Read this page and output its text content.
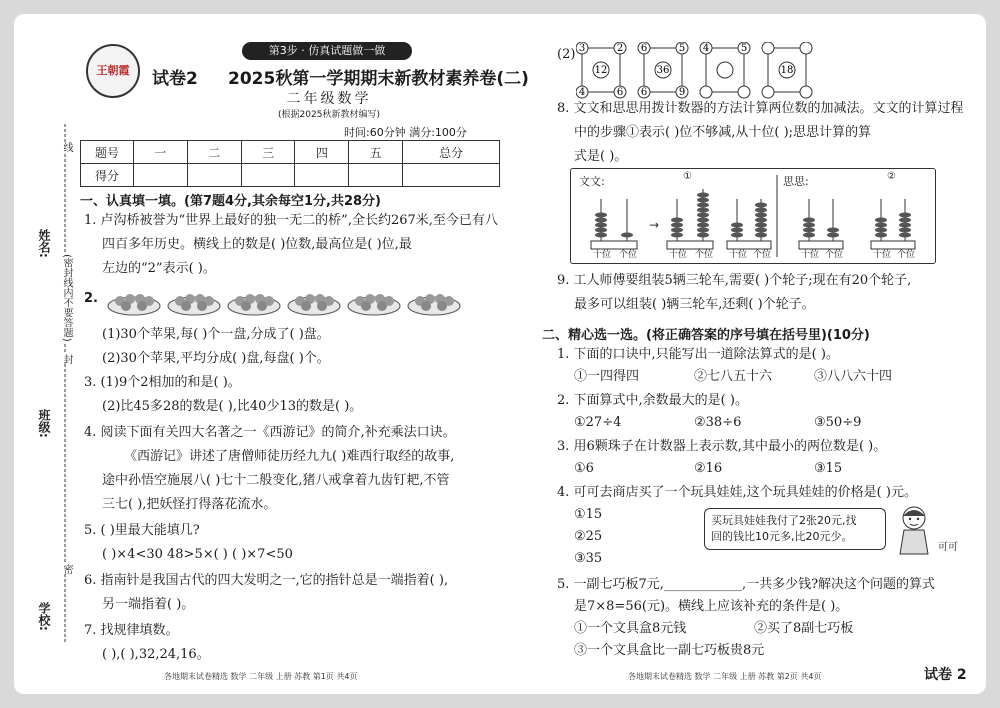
姓名:
班级:
学校:
(密封线内不要答题)
线
封
密
王朝霞
第3步 · 仿真试题做一做
试卷2 2025秋第一学期期末新教材素养卷(二)
二年级数学
(根据2025秋新教材编写)
时间:60分钟 满分:100分
题号	一	二	三	四	五	总分
得分						
一、认真填一填。(第7题4分,其余每空1分,共28分)
1. 卢沟桥被誉为“世界上最好的独一无二的桥”,全长约267米,至今已有八
四百多年历史。横线上的数是( )位数,最高位是( )位,最
左边的“2”表示( )。
2.
(1)30个苹果,每( )个一盘,分成了( )盘。
(2)30个苹果,平均分成( )盘,每盘( )个。
3. (1)9个2相加的和是( )。
(2)比45多28的数是( ),比40少13的数是( )。
4. 阅读下面有关四大名著之一《西游记》的简介,补充乘法口诀。
《西游记》讲述了唐僧师徒历经九九( )难西行取经的故事,
途中孙悟空施展八( )七十二般变化,猪八戒拿着九齿钉耙,不管
三七( ),把妖怪打得落花流水。
5. ( )里最大能填几?
( )×4<30 48>5×( ) ( )×7<50
6. 指南针是我国古代的四大发明之一,它的指针总是一端指着( ),
另一端指着( )。
7. 找规律填数。
( ),( ),32,24,16。
各地期末试卷精选 数学 二年级 上册 苏教 第1页 共4页
(2) 3	2
12
4	6
6	5
36
6	9
4	5
18
8. 文文和思思用拨计数器的方法计算两位数的加减法。文文的计算过程
中的步骤①表示( )位不够减,从十位( );思思计算的算
式是( )。
文文:	思思:
→
十位 个位	十位 个位 十位 个位	十位 个位	十位 个位
①	②
9. 工人师傅要组装5辆三轮车,需要( )个轮子;现在有20个轮子,
最多可以组装( )辆三轮车,还剩( )个轮子。
二、精心选一选。(将正确答案的序号填在括号里)(10分)
1. 下面的口诀中,只能写出一道除法算式的是( )。
①一四得四	②七八五十六	③八八六十四
2. 下面算式中,余数最大的是( )。
①27÷4	②38÷6	③50÷9
3. 用6颗珠子在计数器上表示数,其中最小的两位数是( )。
①6	②16	③15
4. 可可去商店买了一个玩具娃娃,这个玩具娃娃的价格是( )元。
①15
②25
③35
买玩具娃娃我付了2张20元,找
回的钱比10元多,比20元少。
可可
5. 一副七巧板7元,____________,一共多少钱?解决这个问题的算式
是7×8=56(元)。横线上应该补充的条件是( )。
①一个文具盒8元钱	②买了8副七巧板
③一个文具盒比一副七巧板贵8元
各地期末试卷精选 数学 二年级 上册 苏教 第2页 共4页	试卷 2
